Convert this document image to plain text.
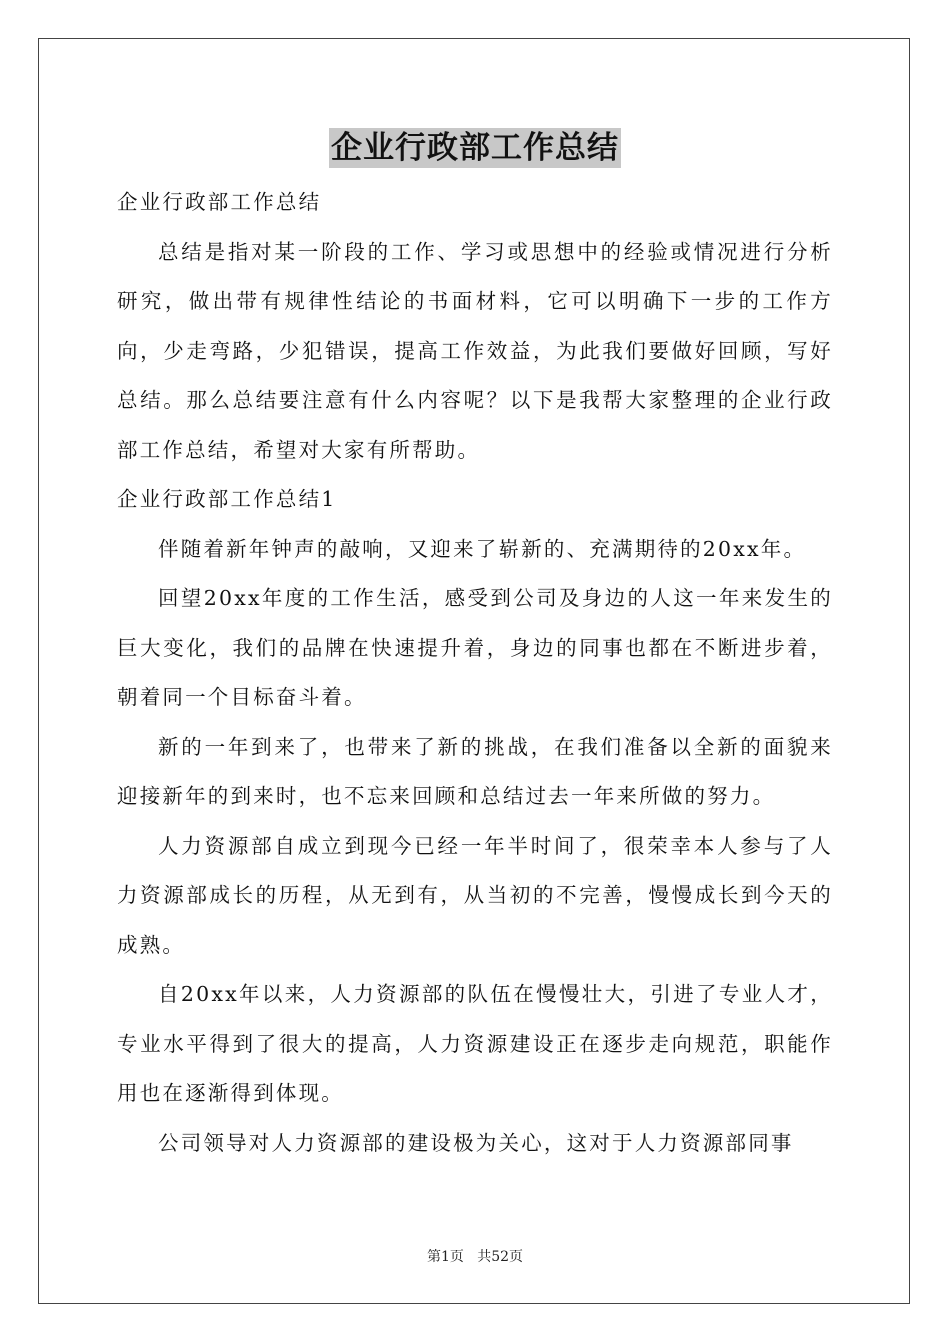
企业行政部工作总结

企业行政部工作总结

总结是指对某一阶段的工作、学习或思想中的经验或情况进行分析研究，做出带有规律性结论的书面材料，它可以明确下一步的工作方向，少走弯路，少犯错误，提高工作效益，为此我们要做好回顾，写好总结。那么总结要注意有什么内容呢？以下是我帮大家整理的企业行政部工作总结，希望对大家有所帮助。

企业行政部工作总结1

伴随着新年钟声的敲响，又迎来了崭新的、充满期待的20xx年。

回望20xx年度的工作生活，感受到公司及身边的人这一年来发生的巨大变化，我们的品牌在快速提升着，身边的同事也都在不断进步着，朝着同一个目标奋斗着。

新的一年到来了，也带来了新的挑战，在我们准备以全新的面貌来迎接新年的到来时，也不忘来回顾和总结过去一年来所做的努力。

人力资源部自成立到现今已经一年半时间了，很荣幸本人参与了人力资源部成长的历程，从无到有，从当初的不完善，慢慢成长到今天的成熟。

自20xx年以来，人力资源部的队伍在慢慢壮大，引进了专业人才，专业水平得到了很大的提高，人力资源建设正在逐步走向规范，职能作用也在逐渐得到体现。

公司领导对人力资源部的建设极为关心，这对于人力资源部同事

第1页   共52页
